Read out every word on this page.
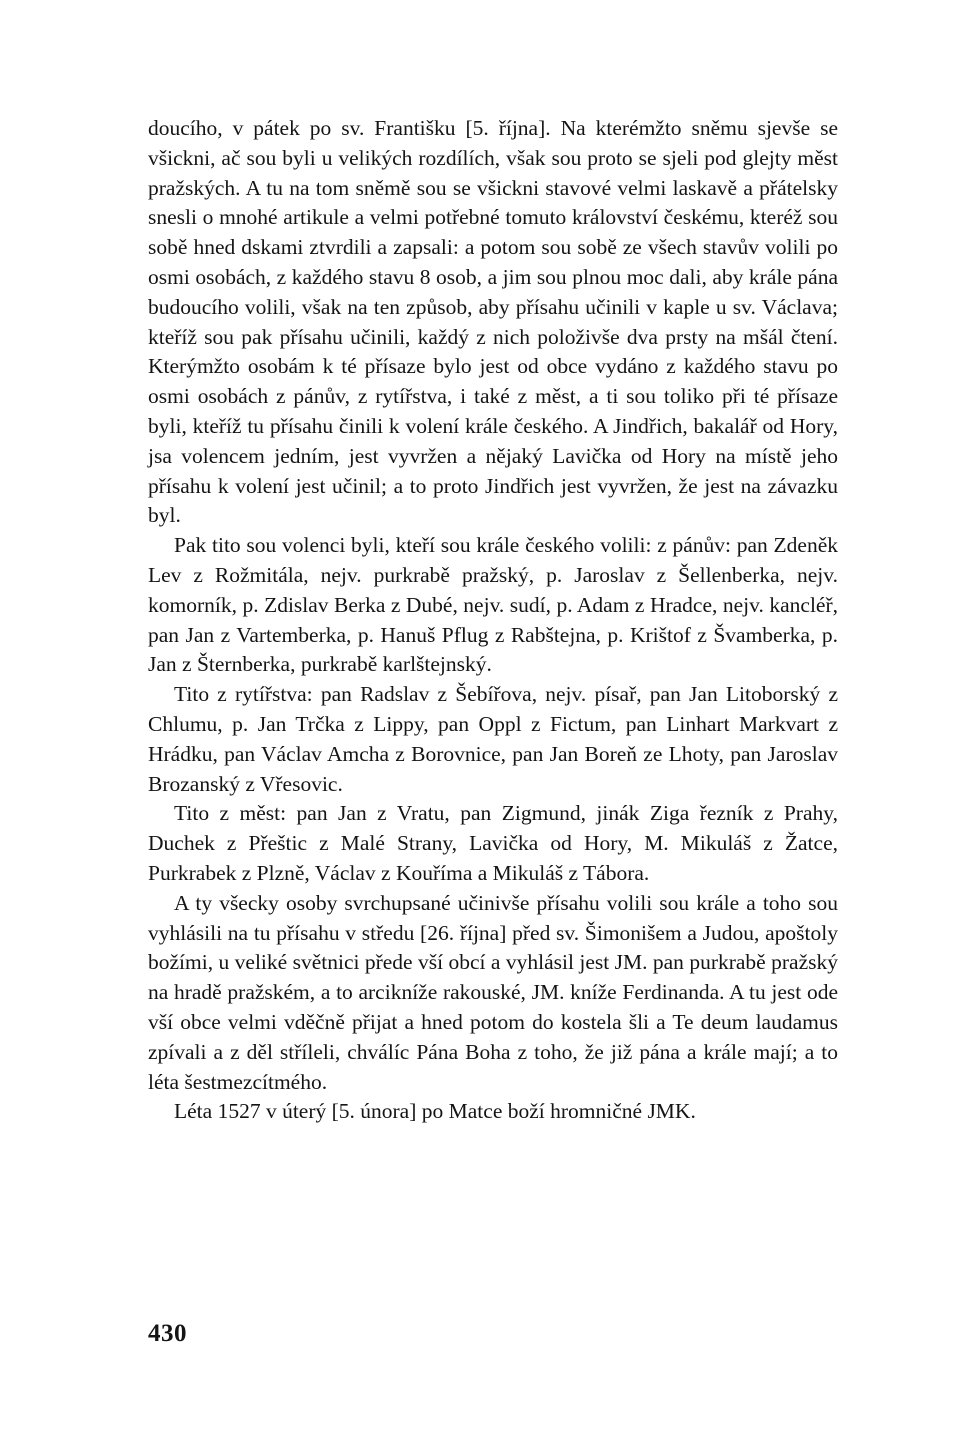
doucího, v pátek po sv. Františku [5. října]. Na kterémžto sněmu sjevše se všickni, ač sou byli u velikých rozdílích, však sou proto se sjeli pod glejty měst pražských. A tu na tom sněmě sou se všickni stavové velmi laskavě a přátelsky snesli o mnohé artikule a velmi potřebné tomuto království českému, kteréž sou sobě hned dskami ztvrdili a zapsali: a potom sou sobě ze všech stavův volili po osmi osobách, z každého stavu 8 osob, a jim sou plnou moc dali, aby krále pána budoucího volili, však na ten způsob, aby přísahu učinili v kaple u sv. Václava; kteříž sou pak přísahu učinili, každý z nich položivše dva prsty na mšál čtení. Kterýmžto osobám k té přísaze bylo jest od obce vydáno z každého stavu po osmi osobách z pánův, z rytířstva, i také z měst, a ti sou toliko při té přísaze byli, kteříž tu přísahu činili k volení krále českého. A Jindřich, bakalář od Hory, jsa volencem jedním, jest vyvržen a nějaký Lavička od Hory na místě jeho přísahu k volení jest učinil; a to proto Jindřich jest vyvržen, že jest na závazku byl.

Pak tito sou volenci byli, kteří sou krále českého volili: z pánův: pan Zdeněk Lev z Rožmitála, nejv. purkrabě pražský, p. Jaroslav z Šellenberka, nejv. komorník, p. Zdislav Berka z Dubé, nejv. sudí, p. Adam z Hradce, nejv. kancléř, pan Jan z Vartemberka, p. Hanuš Pflug z Rabštejna, p. Krištof z Švamberka, p. Jan z Šternberka, purkrabě karlštejnský.

Tito z rytířstva: pan Radslav z Šebířova, nejv. písař, pan Jan Litoborský z Chlumu, p. Jan Trčka z Lippy, pan Oppl z Fictum, pan Linhart Markvart z Hrádku, pan Václav Amcha z Borovnice, pan Jan Boreň ze Lhoty, pan Jaroslav Brozanský z Vřesovic.

Tito z měst: pan Jan z Vratu, pan Zigmund, jinák Ziga řezník z Prahy, Duchek z Přeštic z Malé Strany, Lavička od Hory, M. Mikuláš z Žatce, Purkrabek z Plzně, Václav z Kouříma a Mikuláš z Tábora.

A ty všecky osoby svrchupsané učinivše přísahu volili sou krále a toho sou vyhlásili na tu přísahu v středu [26. října] před sv. Šimonišem a Judou, apoštoly božími, u veliké světnici přede vší obcí a vyhlásil jest JM. pan purkrabě pražský na hradě pražském, a to arcikníže rakouské, JM. kníže Ferdinanda. A tu jest ode vší obce velmi vděčně přijat a hned potom do kostela šli a Te deum laudamus zpívali a z děl stříleli, chválíc Pána Boha z toho, že již pána a krále mají; a to léta šestmezcítmého.

Léta 1527 v úterý [5. února] po Matce boží hromničné JMK.

430
